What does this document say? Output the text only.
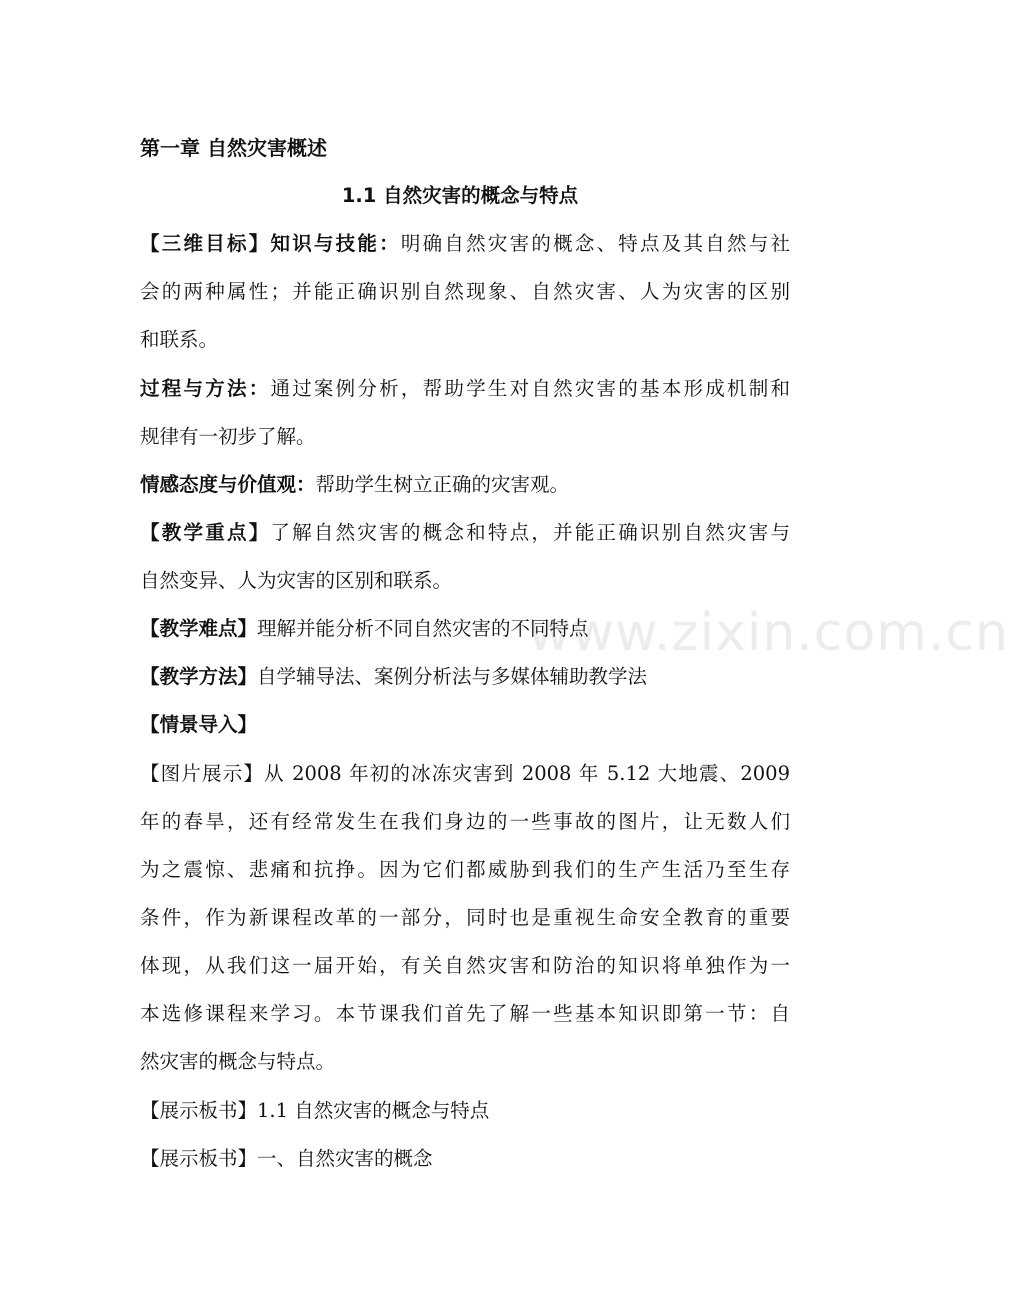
www.zixin.com.cn
第一章 自然灾害概述
1.1 自然灾害的概念与特点
【三维目标】知识与技能：明确自然灾害的概念、特点及其自然与社
会的两种属性；并能正确识别自然现象、自然灾害、人为灾害的区别
和联系。
过程与方法：通过案例分析，帮助学生对自然灾害的基本形成机制和
规律有一初步了解。
情感态度与价值观：帮助学生树立正确的灾害观。
【教学重点】了解自然灾害的概念和特点，并能正确识别自然灾害与
自然变异、人为灾害的区别和联系。
【教学难点】理解并能分析不同自然灾害的不同特点
【教学方法】自学辅导法、案例分析法与多媒体辅助教学法
【情景导入】
【图片展示】从 2008 年初的冰冻灾害到 2008 年 5.12 大地震、2009
年的春旱，还有经常发生在我们身边的一些事故的图片，让无数人们
为之震惊、悲痛和抗挣。因为它们都威胁到我们的生产生活乃至生存
条件，作为新课程改革的一部分，同时也是重视生命安全教育的重要
体现，从我们这一届开始，有关自然灾害和防治的知识将单独作为一
本选修课程来学习。本节课我们首先了解一些基本知识即第一节：自
然灾害的概念与特点。
【展示板书】1.1 自然灾害的概念与特点
【展示板书】一、自然灾害的概念
